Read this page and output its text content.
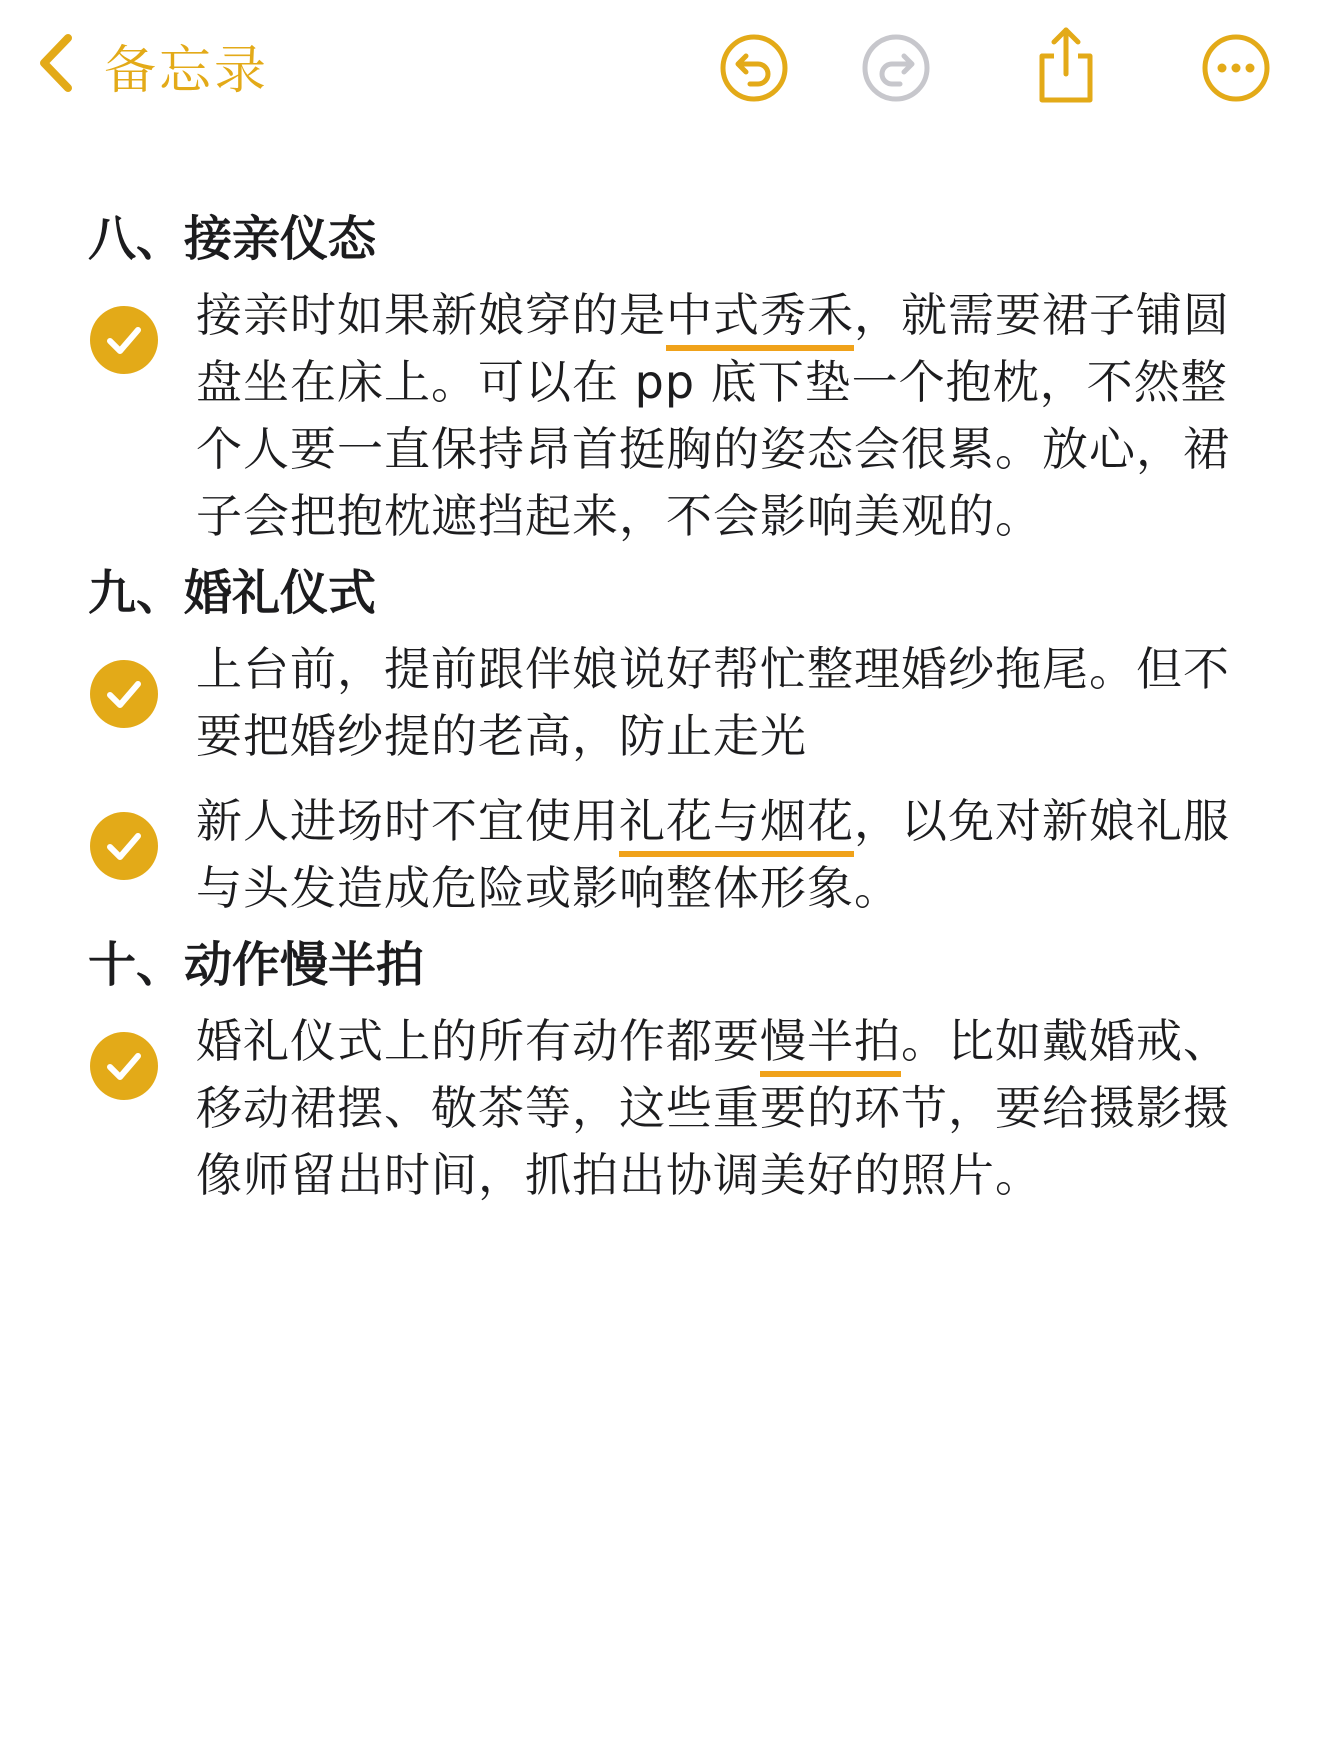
备忘录
八、接亲仪态

接亲时如果新娘穿的是中式秀禾，就需要裙子铺圆盘坐在床上。可以在 pp 底下垫一个抱枕，不然整个人要一直保持昂首挺胸的姿态会很累。放心，裙子会把抱枕遮挡起来，不会影响美观的。

九、婚礼仪式

上台前，提前跟伴娘说好帮忙整理婚纱拖尾。但不要把婚纱提的老高，防止走光

新人进场时不宜使用礼花与烟花，以免对新娘礼服与头发造成危险或影响整体形象。

十、动作慢半拍

婚礼仪式上的所有动作都要慢半拍。比如戴婚戒、移动裙摆、敬茶等，这些重要的环节，要给摄影摄像师留出时间，抓拍出协调美好的照片。
